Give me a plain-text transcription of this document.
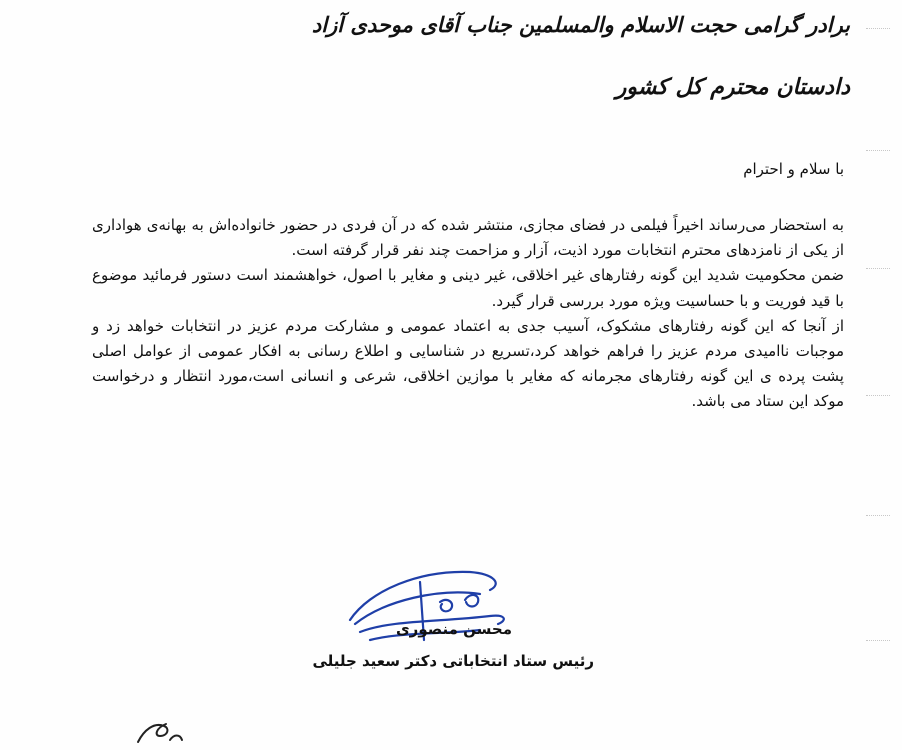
برادر گرامی حجت الاسلام والمسلمین جناب آقای موحدی آزاد
دادستان محترم کل کشور
با سلام و احترام

به استحضار می‌رساند اخیراً فیلمی در فضای مجازی، منتشر شده که در آن فردی در حضور خانواده‌اش به بهانه‌ی هواداری از یکی از نامزدهای محترم انتخابات مورد اذیت، آزار و مزاحمت چند نفر قرار گرفته است.

ضمن محکومیت شدید این گونه رفتارهای غیر اخلاقی، غیر دینی و مغایر با اصول، خواهشمند است دستور فرمائید موضوع با قید فوریت و با حساسیت ویژه مورد بررسی قرار گیرد.

از آنجا که این گونه رفتارهای مشکوک، آسیب جدی به اعتماد عمومی و مشارکت مردم عزیز در انتخابات خواهد زد و موجبات ناامیدی مردم عزیز را فراهم خواهد کرد،تسریع در شناسایی و اطلاع رسانی به افکار عمومی از عوامل اصلی پشت پرده ی این گونه رفتارهای مجرمانه که مغایر با موازین اخلاقی، شرعی و انسانی است،مورد انتظار و درخواست موکد این ستاد می باشد.

محسن منصوری
رئیس ستاد انتخاباتی دکتر سعید جلیلی
